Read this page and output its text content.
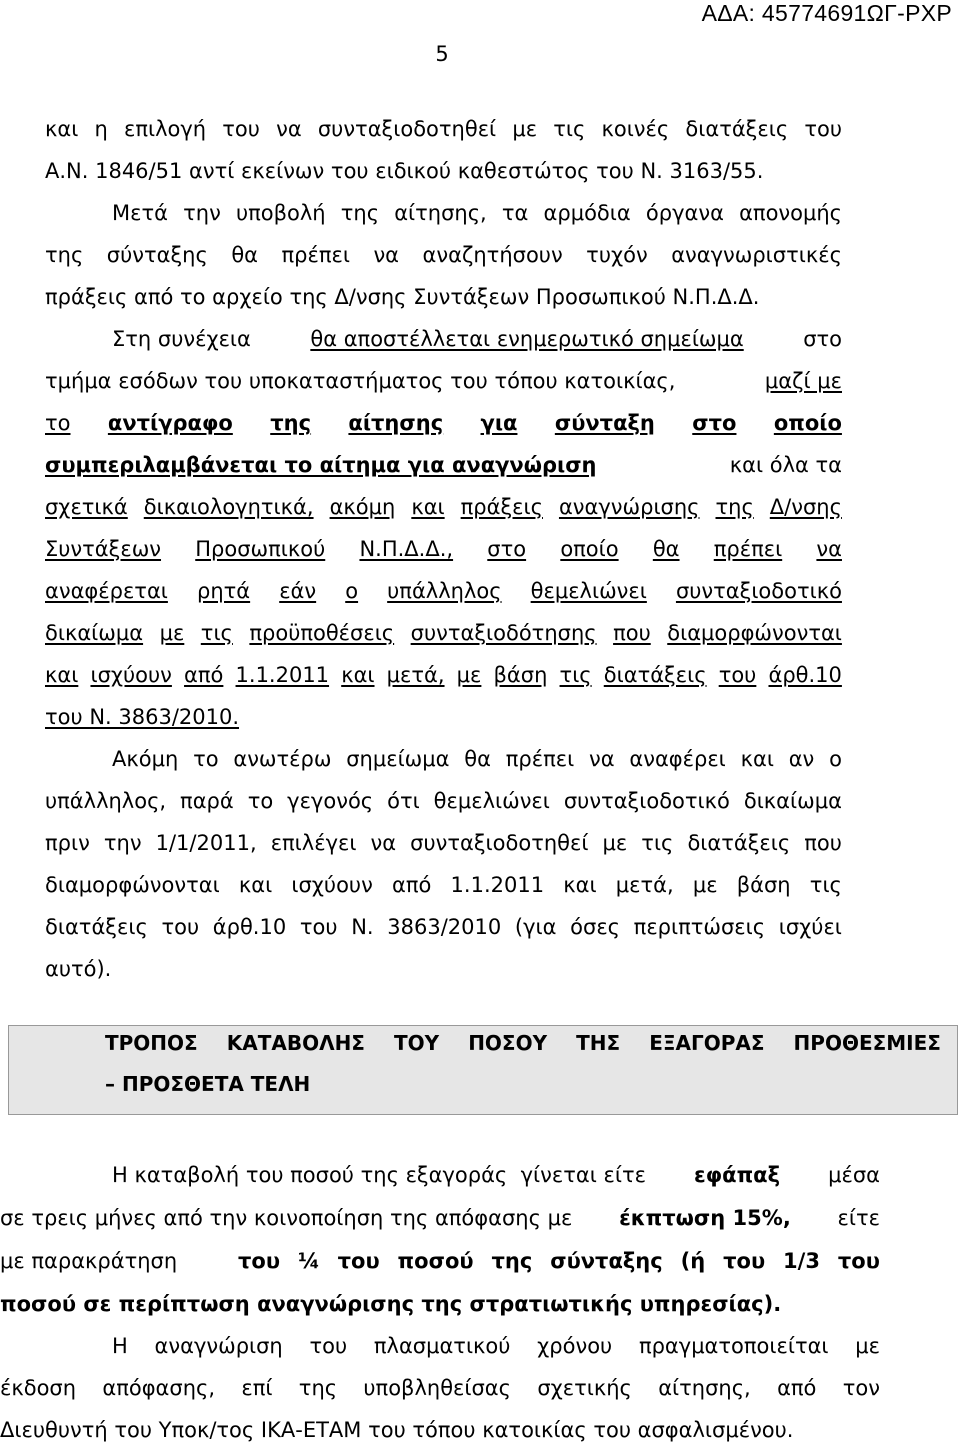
ΑΔΑ: 45774691ΩΓ-ΡΧΡ
5
και η επιλογή του να συνταξιοδοτηθεί με τις κοινές διατάξεις του
Α.Ν. 1846/51 αντί εκείνων του ειδικού καθεστώτος του Ν. 3163/55.
Μετά την υποβολή της αίτησης, τα αρμόδια όργανα απονομής
της σύνταξης θα πρέπει να αναζητήσουν τυχόν αναγνωριστικές
πράξεις από το αρχείο της Δ/νσης Συντάξεων Προσωπικού Ν.Π.Δ.Δ.
Στη συνέχεια	θα αποστέλλεται ενημερωτικό σημείωμα	στο
τμήμα εσόδων του υποκαταστήματος του τόπου κατοικίας,	μαζί με
το αντίγραφο της αίτησης για σύνταξη στο οποίο
συμπεριλαμβάνεται το αίτημα για αναγνώριση	και όλα τα
σχετικά δικαιολογητικά, ακόμη και πράξεις αναγνώρισης της Δ/νσης
Συντάξεων Προσωπικού Ν.Π.Δ.Δ., στο οποίο θα πρέπει να
αναφέρεται ρητά εάν ο υπάλληλος θεμελιώνει συνταξιοδοτικό
δικαίωμα με τις προϋποθέσεις συνταξιοδότησης που διαμορφώνονται
και ισχύουν από 1.1.2011 και μετά, με βάση τις διατάξεις του άρθ.10
του Ν. 3863/2010.
Ακόμη το ανωτέρω σημείωμα θα πρέπει να αναφέρει και αν ο
υπάλληλος, παρά το γεγονός ότι θεμελιώνει συνταξιοδοτικό δικαίωμα
πριν την 1/1/2011, επιλέγει να συνταξιοδοτηθεί με τις διατάξεις που
διαμορφώνονται και ισχύουν από 1.1.2011 και μετά, με βάση τις
διατάξεις του άρθ.10 του Ν. 3863/2010 (για όσες περιπτώσεις ισχύει
αυτό).
ΤΡΟΠΟΣ ΚΑΤΑΒΟΛΗΣ ΤΟΥ ΠΟΣΟΥ ΤΗΣ ΕΞΑΓΟΡΑΣ ΠΡΟΘΕΣΜΙΕΣ
– ΠΡΟΣΘΕΤΑ ΤΕΛΗ
Η καταβολή του ποσού της εξαγοράς  γίνεται είτε εφάπαξ μέσα
σε τρεις μήνες από την κοινοποίηση της απόφασης με έκπτωση 15%, είτε
με παρακράτηση	του ¼ του ποσού της σύνταξης (ή του 1/3 του
ποσού σε περίπτωση αναγνώρισης της στρατιωτικής υπηρεσίας).
Η αναγνώριση του πλασματικού χρόνου πραγματοποιείται με
έκδοση απόφασης, επί της υποβληθείσας σχετικής αίτησης, από τον
Διευθυντή του Υποκ/τος ΙΚΑ-ΕΤΑΜ του τόπου κατοικίας του ασφαλισμένου.
